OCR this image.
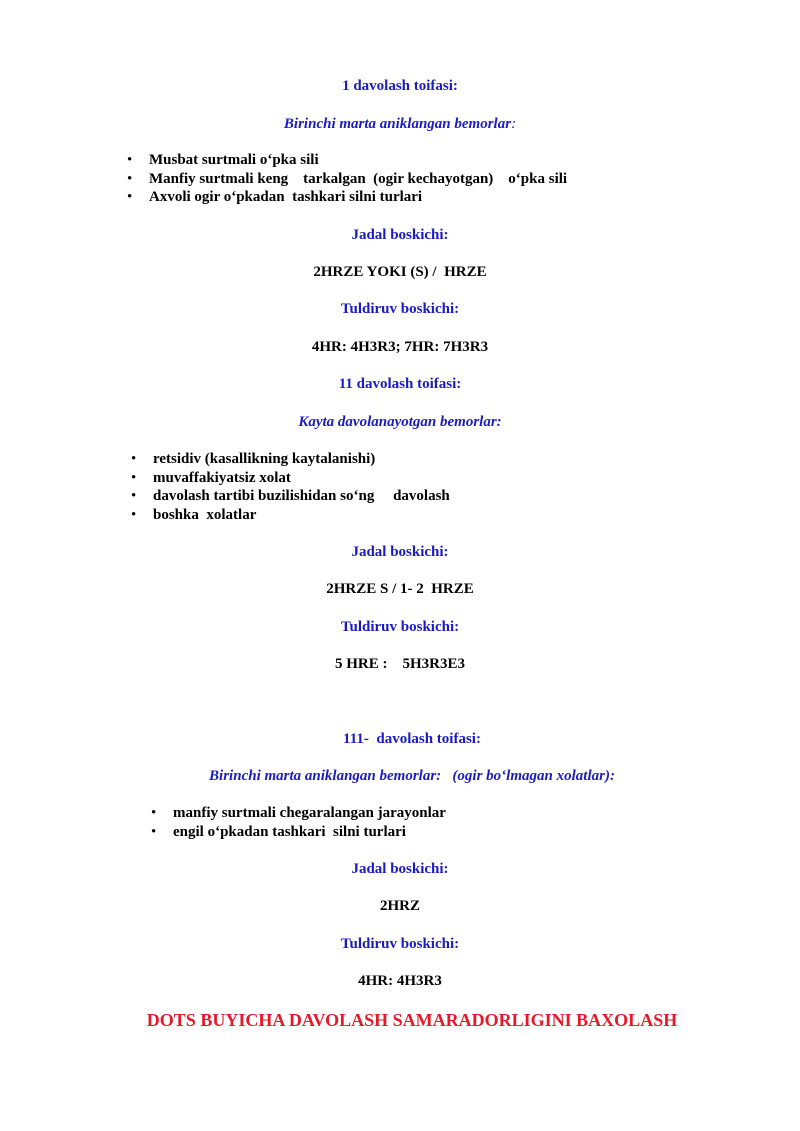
1 davolash toifasi:
Birinchi marta aniklangan bemorlar:
• Musbat surtmali o‘pka sili
• Manfiy surtmali keng    tarkalgan  (ogir kechayotgan)    o‘pka sili
• Axvoli ogir o‘pkadan  tashkari silni turlari
Jadal boskichi:
2HRZE YOKI (S) /  HRZE
Tuldiruv boskichi:
4HR: 4H3R3; 7HR: 7H3R3
11 davolash toifasi:
Kayta davolanayotgan bemorlar:
• retsidiv (kasallikning kaytalanishi)
• muvaffakiyatsiz xolat
• davolash tartibi buzilishidan so‘ng     davolash
• boshka  xolatlar
Jadal boskichi:
2HRZE S / 1- 2  HRZE
Tuldiruv boskichi:
5 HRE :    5H3R3E3
111-  davolash toifasi:
Birinchi marta aniklangan bemorlar:   (ogir bo‘lmagan xolatlar):
• manfiy surtmali chegaralangan jarayonlar
• engil o‘pkadan tashkari  silni turlari
Jadal boskichi:
2HRZ
Tuldiruv boskichi:
4HR: 4H3R3
DOTS BUYICHA DAVOLASH SAMARADORLIGINI BAXOLASH
